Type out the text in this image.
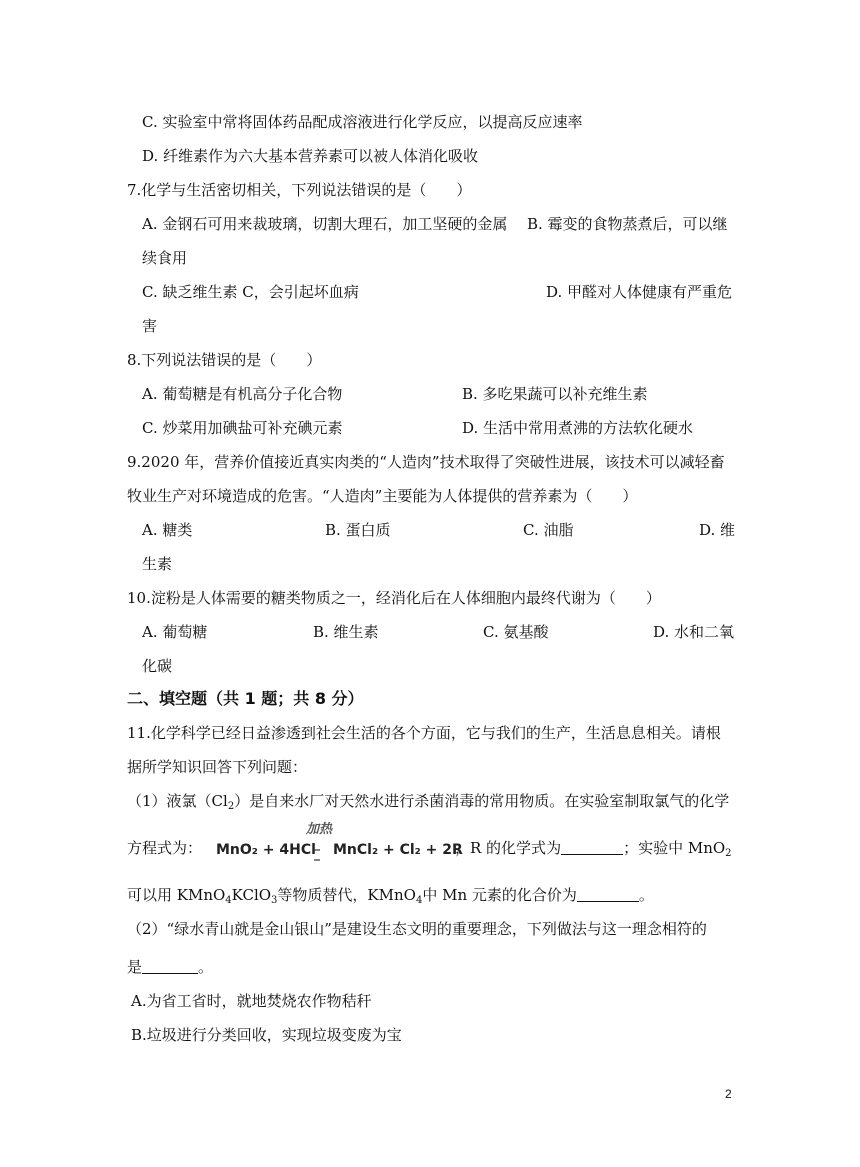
C. 实验室中常将固体药品配成溶液进行化学反应，以提高反应速率
D. 纤维素作为六大基本营养素可以被人体消化吸收
7.化学与生活密切相关，下列说法错误的是（　　）
A. 金钢石可用来裁玻璃，切割大理石，加工坚硬的金属 B. 霉变的食物蒸煮后，可以继
续食用
C. 缺乏维生素 C，会引起坏血病	D. 甲醛对人体健康有严重危
害
8.下列说法错误的是（　　）
A. 葡萄糖是有机高分子化合物	B. 多吃果蔬可以补充维生素
C. 炒菜用加碘盐可补充碘元素	D. 生活中常用煮沸的方法软化硬水
9.2020 年，营养价值接近真实肉类的“人造肉”技术取得了突破性进展，该技术可以减轻畜
牧业生产对环境造成的危害。“人造肉”主要能为人体提供的营养素为（　　）
A. 糖类	B. 蛋白质	C. 油脂	D. 维
生素
10.淀粉是人体需要的糖类物质之一，经消化后在人体细胞内最终代谢为（　　）
A. 葡萄糖	B. 维生素	C. 氨基酸	D. 水和二氧
化碳
二、填空题（共 1 题；共 8 分）
11.化学科学已经日益渗透到社会生活的各个方面，它与我们的生产，生活息息相关。请根
据所学知识回答下列问题：
（1）液氯$(Cl_2)$是自来水厂对天然水进行杀菌消毒的常用物质。在实验室制取氯气的化学
加热
方程式为： MnO₂ + 4HCl MnCl₂ + Cl₂ + 2R
，R 的化学式为	；实验中 MnO$_2$
可以用 KMnO$_4$KClO$_3$等物质替代，KMnO$_4$中 Mn 元素的化合价为	。
（2）“绿水青山就是金山银山”是建设生态文明的重要理念，下列做法与这一理念相符的
是	。
A.为省工省时，就地焚烧农作物秸秆
B.垃圾进行分类回收，实现垃圾变废为宝
2
